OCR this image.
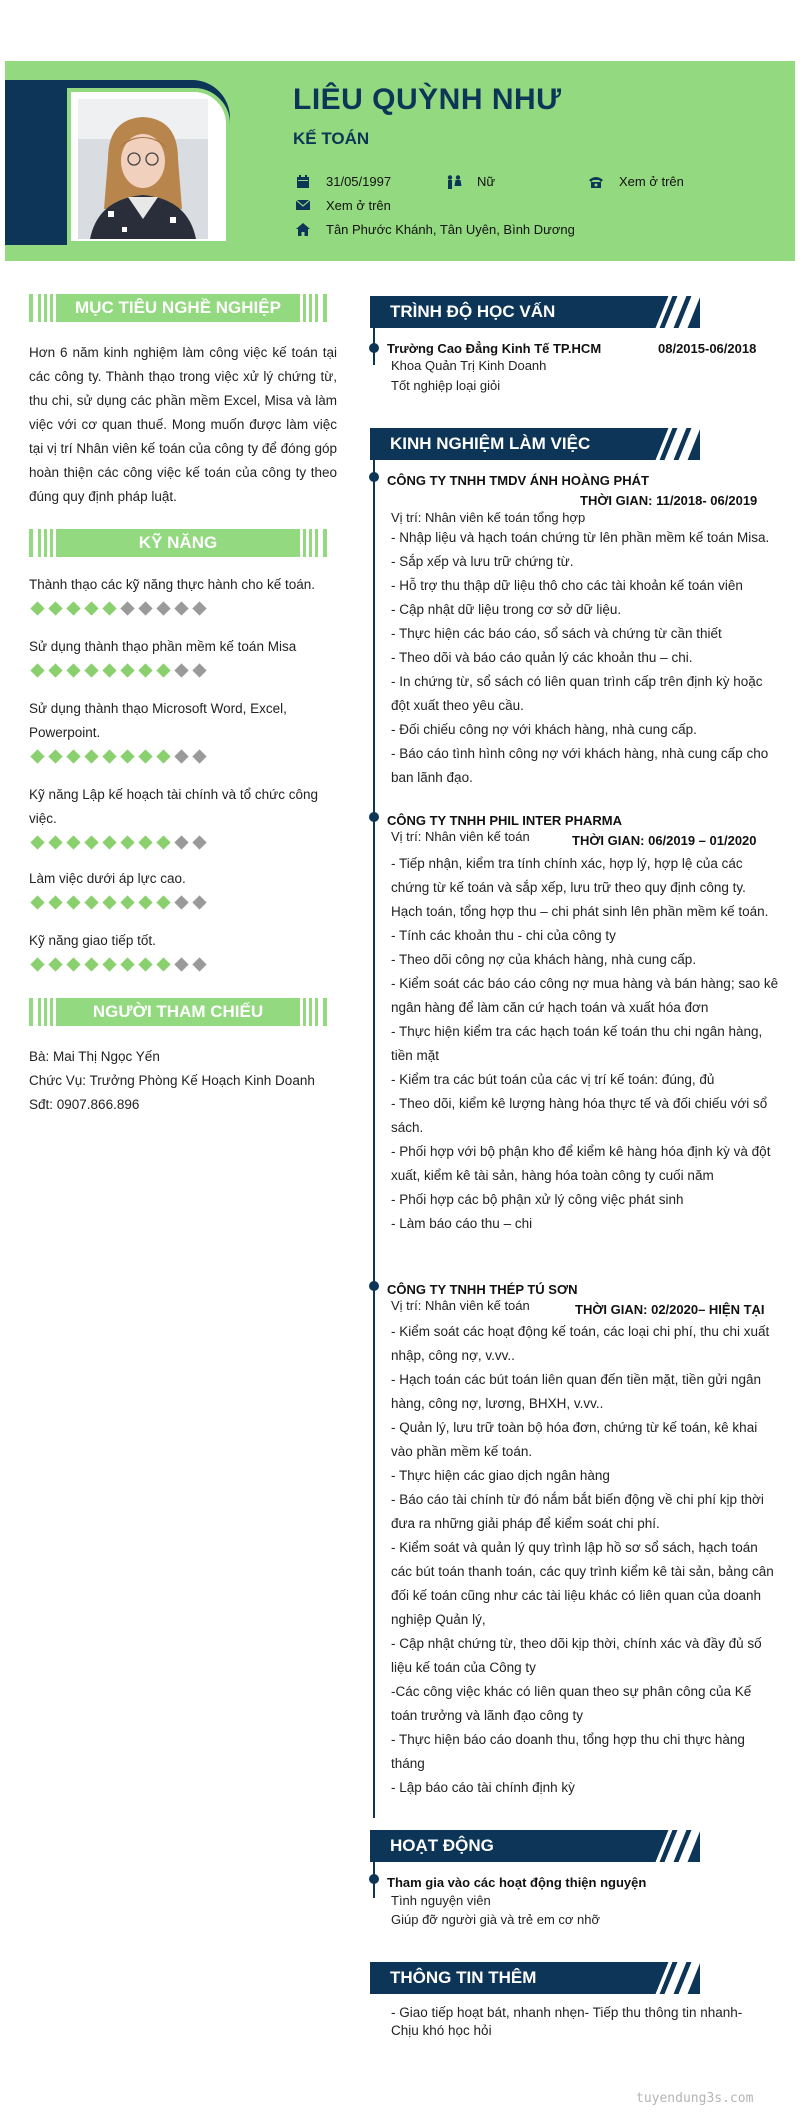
LIÊU QUỲNH NHƯ
KẾ TOÁN
31/05/1997	Nữ	Xem ở trên
Xem ở trên
Tân Phước Khánh, Tân Uyên, Bình Dương
MỤC TIÊU NGHỀ NGHIỆP
Hơn 6 năm kinh nghiệm làm công việc kế toán tại các công ty. Thành thạo trong việc xử lý chứng từ, thu chi, sử dụng các phần mềm Excel, Misa và làm việc với cơ quan thuế. Mong muốn được làm việc tại vị trí Nhân viên kế toán của công ty để đóng góp hoàn thiện các công việc kế toán của công ty theo đúng quy định pháp luật.
KỸ NĂNG
Thành thạo các kỹ năng thực hành cho kế toán.
Sử dụng thành thạo phần mềm kế toán Misa
Sử dụng thành thạo Microsoft Word, Excel, Powerpoint.
Kỹ năng Lập kế hoạch tài chính và tổ chức công việc.
Làm việc dưới áp lực cao.
Kỹ năng giao tiếp tốt.
NGƯỜI THAM CHIẾU
Bà: Mai Thị Ngọc Yến
Chức Vụ: Trưởng Phòng Kế Hoạch Kinh Doanh
Sđt: 0907.866.896
TRÌNH ĐỘ HỌC VẤN
Trường Cao Đẳng Kinh Tế TP.HCM	08/2015-06/2018
Khoa Quản Trị Kinh Doanh
Tốt nghiệp loại giỏi
KINH NGHIỆM LÀM VIỆC
CÔNG TY TNHH TMDV ÁNH HOÀNG PHÁT
THỜI GIAN: 11/2018- 06/2019
Vị trí: Nhân viên kế toán tổng hợp
- Nhập liệu và hạch toán chứng từ lên phần mềm kế toán Misa.
- Sắp xếp và lưu trữ chứng từ.
- Hỗ trợ thu thập dữ liệu thô cho các tài khoản kế toán viên
- Cập nhật dữ liệu trong cơ sở dữ liệu.
- Thực hiện các báo cáo, sổ sách và chứng từ cần thiết
- Theo dõi và báo cáo quản lý các khoản thu – chi.
- In chứng từ, sổ sách có liên quan trình cấp trên định kỳ hoặc đột xuất theo yêu cầu.
- Đối chiếu công nợ với khách hàng, nhà cung cấp.
- Báo cáo tình hình công nợ với khách hàng, nhà cung cấp cho ban lãnh đạo.
CÔNG TY TNHH PHIL INTER PHARMA
Vị trí: Nhân viên kế toán	THỜI GIAN: 06/2019 – 01/2020
- Tiếp nhận, kiểm tra tính chính xác, hợp lý, hợp lệ của các chứng từ kế toán và sắp xếp, lưu trữ theo quy định công ty.
Hạch toán, tổng hợp thu – chi phát sinh lên phần mềm kế toán.
- Tính các khoản thu - chi của công ty
- Theo dõi công nợ của khách hàng, nhà cung cấp.
- Kiểm soát các báo cáo công nợ mua hàng và bán hàng; sao kê ngân hàng để làm căn cứ hạch toán và xuất hóa đơn
- Thực hiện kiểm tra các hạch toán kế toán thu chi ngân hàng, tiền mặt
- Kiểm tra các bút toán của các vị trí kế toán: đúng, đủ
- Theo dõi, kiểm kê lượng hàng hóa thực tế và đối chiếu với sổ sách.
- Phối hợp với bộ phận kho để kiểm kê hàng hóa định kỳ và đột xuất, kiểm kê tài sản, hàng hóa toàn công ty cuối năm
- Phối hợp các bộ phận xử lý công việc phát sinh
- Làm báo cáo thu – chi
CÔNG TY TNHH THÉP TÚ SƠN
Vị trí: Nhân viên kế toán	THỜI GIAN: 02/2020– HIỆN TẠI
- Kiểm soát các hoạt động kế toán, các loại chi phí, thu chi xuất nhập, công nợ, v.vv..
- Hạch toán các bút toán liên quan đến tiền mặt, tiền gửi ngân hàng, công nợ, lương, BHXH, v.vv..
- Quản lý, lưu trữ toàn bộ hóa đơn, chứng từ kế toán, kê khai vào phần mềm kế toán.
- Thực hiện các giao dịch ngân hàng
- Báo cáo tài chính từ đó nắm bắt biến động về chi phí kịp thời đưa ra những giải pháp để kiểm soát chi phí.
- Kiểm soát và quản lý quy trình lập hồ sơ sổ sách, hạch toán các bút toán thanh toán, các quy trình kiểm kê tài sản, bảng cân đối kế toán cũng như các tài liệu khác có liên quan của doanh nghiệp Quản lý,
- Cập nhật chứng từ, theo dõi kịp thời, chính xác và đầy đủ số liệu kế toán của Công ty
-Các công việc khác có liên quan theo sự phân công của Kế toán trưởng và lãnh đạo công ty
- Thực hiện báo cáo doanh thu, tổng hợp thu chi thực hàng tháng
- Lập báo cáo tài chính định kỳ
HOẠT ĐỘNG
Tham gia vào các hoạt động thiện nguyện
Tình nguyện viên
Giúp đỡ người già và trẻ em cơ nhỡ
THÔNG TIN THÊM
- Giao tiếp hoạt bát, nhanh nhẹn- Tiếp thu thông tin nhanh- Chịu khó học hỏi
tuyendung3s.com
